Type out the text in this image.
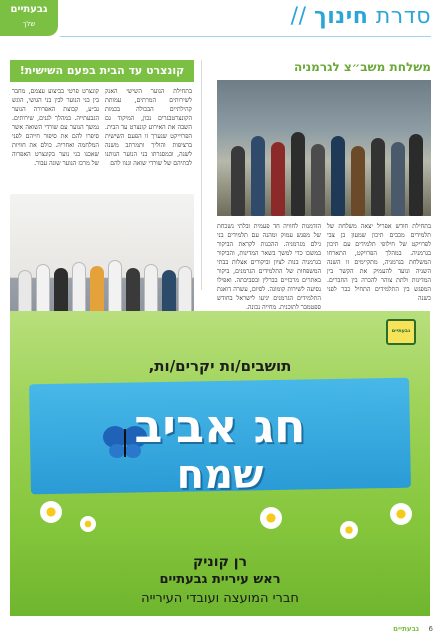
גבעתיים
שלך	סדרת חינוך //
משלחת משב״צ לגרמניה

בתחילת חודש אפריל יצאה משלחת של תלמידים מכבים תיכון שמעון בן צבי לפרויקט של חילופי תלמידים עם תיכון בגרמניה. במהלך הפרויקט, התארחו המשלחת בגרמניה, מתקיימים זו השנה השניה ונועד להעמיק את הקשר בין המדינות ולתת צוהר להכרה בין החברים. המפגש בין התלמידים התחיל כבר לפני כשנה

הזדמנות לחוויה חד פעמית ובלתי נשכחת של מפגש עמוק ומהנה עם תלמידים בני גילם מגרמניה. ההכנות לקראת הביקור במשכו כדי למשך בשאר המדינות, והביקור בגרמניה בנות לציון וביקורים אצלות בבתי המשפחות של התלמידים הגרמנים, ביקור באתרים מרכזיים בברלין ובסביבתה. ואפילו נסיעה לשירות קומונה. לסיום, עשרה דואגת התלמידים הגרמנים יגיעו לישראל בחודש ספטמבר לתוכנית. מחייה נכונה.

קונצרט עד הבית בפעם השישית!

בתחילת הנוער השישי האנק לשירותים המרתים, עמותת קהילתיים הבכולה בכמות הקונצרטבגרים נכון, המיקוד גם השבה את האירוע קונצרט עד הבית. הפרוייקט שנערך זו הפעם השישית ברציפות והוליך ותמרתב משנה לשנה, ובמסגרתו בני הנוער הנותנו לבתיהם של שורדי שואה וגנוו להם

קונצרט פרטי בביצוע עצמם, מחבר בין בני הנוער לבין בני הגושי, הוגש גב״ע, קבוצת האפרורה הנוער הגבעתייה. במהלך לגנים, שירותים. נמשך הנוער עם שורדי השואה אשר סיפרו להם את סיפור חייהם לפני המלחמה ואחריה. כולם את חוויות שאכנו בני נוער בקונצרט האפרוה של מרכז הנוער שוגה עבור.

גבעתיים
תושבים/ות יקרים/ות,
חג אביב
שמח
רן קוניק
ראש עיריית גבעתיים
חברי המועצה ועובדי העירייה
6
גבעתיים
